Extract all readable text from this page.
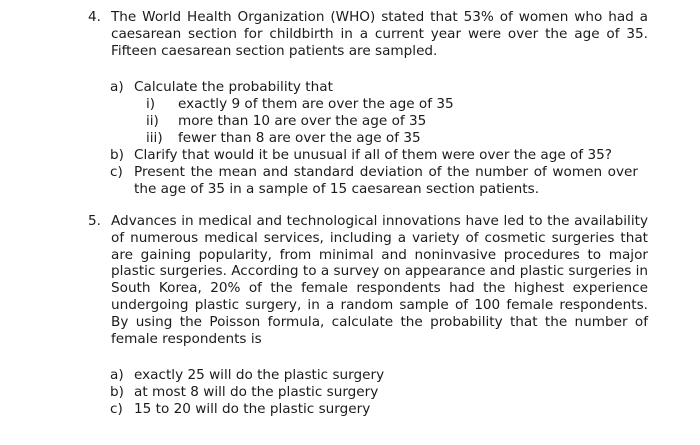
4. The World Health Organization (WHO) stated that 53% of women who had a caesarean section for childbirth in a current year were over the age of 35. Fifteen caesarean section patients are sampled.
a) Calculate the probability that
i) exactly 9 of them are over the age of 35
ii) more than 10 are over the age of 35
iii) fewer than 8 are over the age of 35
b) Clarify that would it be unusual if all of them were over the age of 35?
c) Present the mean and standard deviation of the number of women over the age of 35 in a sample of 15 caesarean section patients.
5. Advances in medical and technological innovations have led to the availability of numerous medical services, including a variety of cosmetic surgeries that are gaining popularity, from minimal and noninvasive procedures to major plastic surgeries. According to a survey on appearance and plastic surgeries in South Korea, 20% of the female respondents had the highest experience undergoing plastic surgery, in a random sample of 100 female respondents. By using the Poisson formula, calculate the probability that the number of female respondents is
a) exactly 25 will do the plastic surgery
b) at most 8 will do the plastic surgery
c) 15 to 20 will do the plastic surgery
